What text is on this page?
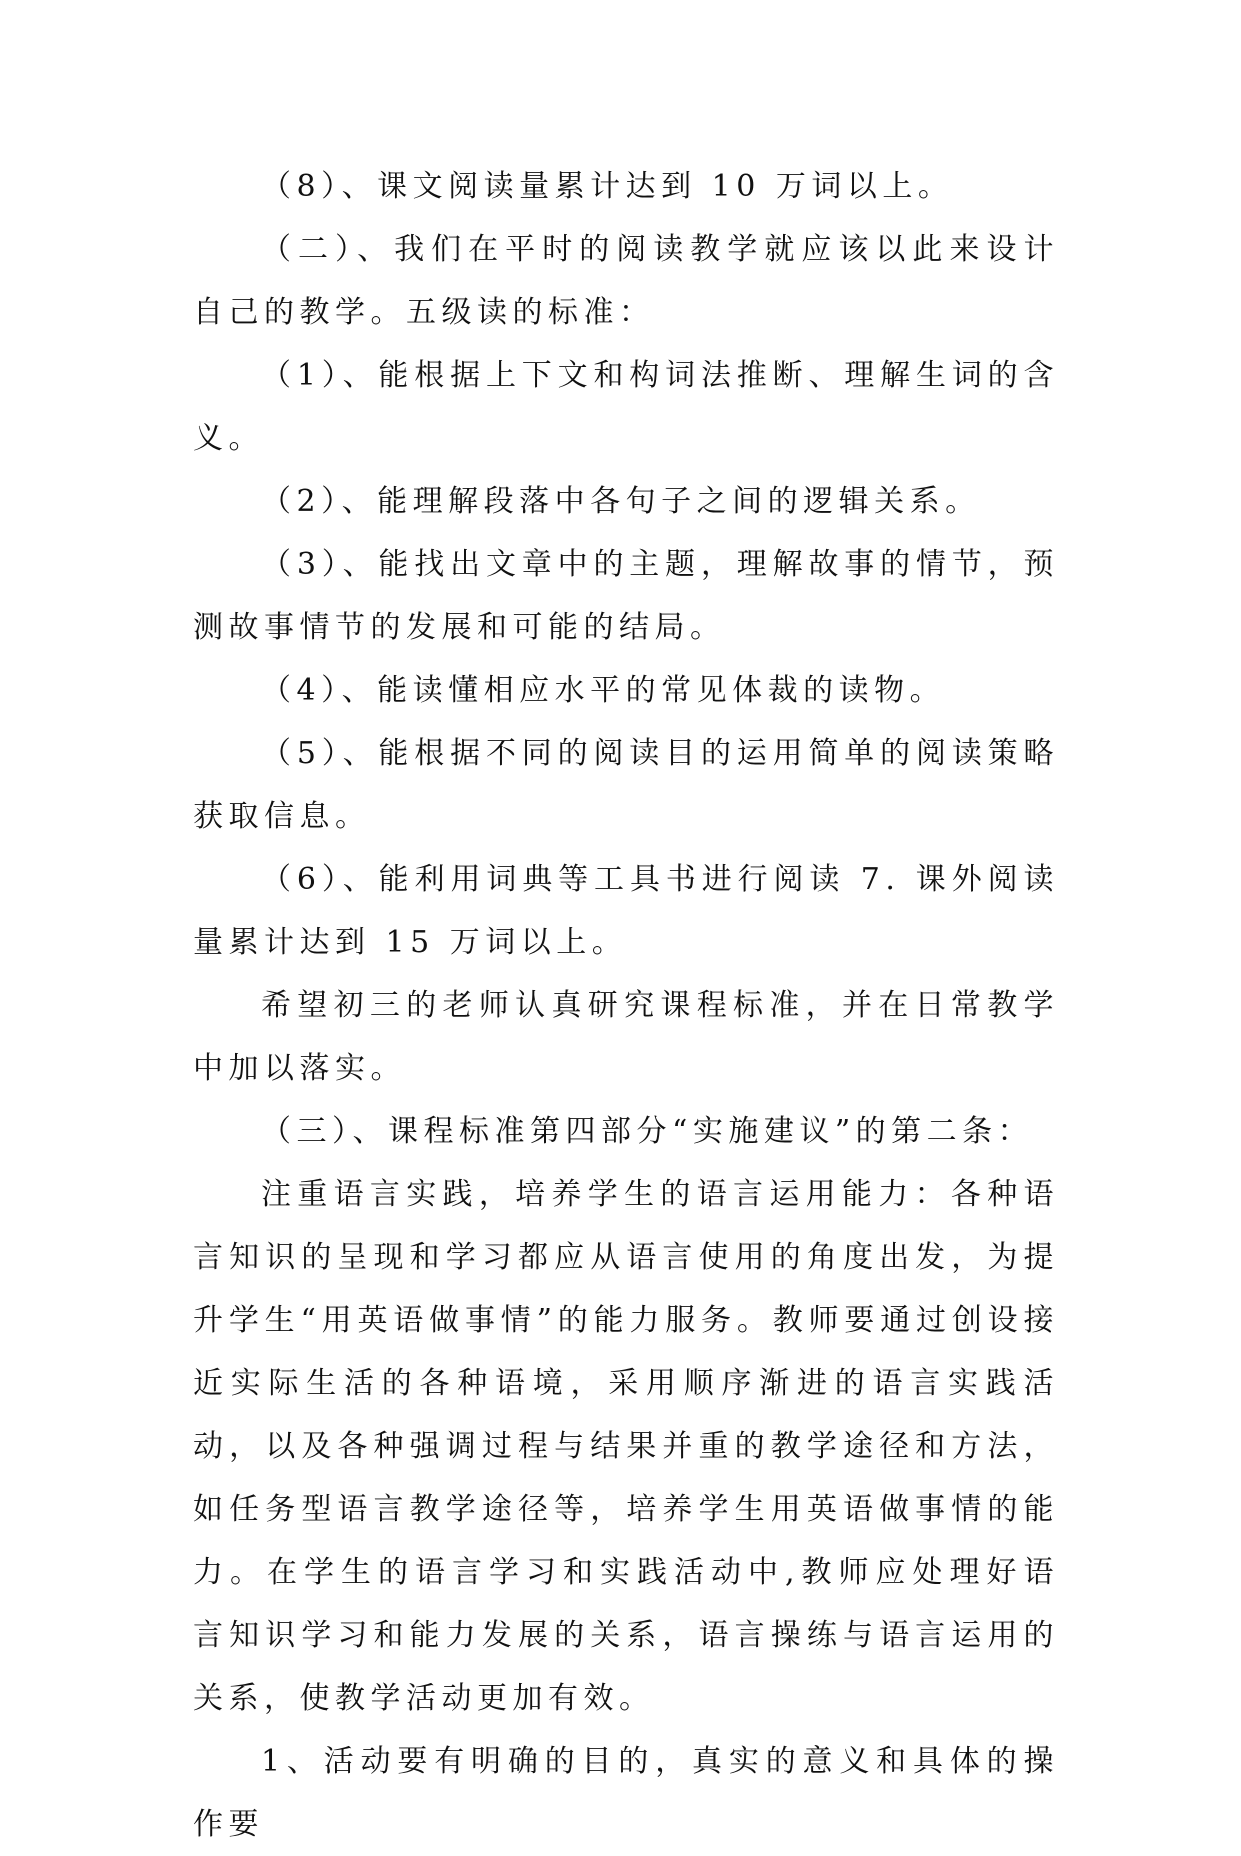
（8）、课文阅读量累计达到 10 万词以上。

（二）、我们在平时的阅读教学就应该以此来设计自己的教学。五级读的标准：

（1）、能根据上下文和构词法推断、理解生词的含义。

（2）、能理解段落中各句子之间的逻辑关系。

（3）、能找出文章中的主题，理解故事的情节，预测故事情节的发展和可能的结局。

（4）、能读懂相应水平的常见体裁的读物。

（5）、能根据不同的阅读目的运用简单的阅读策略获取信息。

（6）、能利用词典等工具书进行阅读 7. 课外阅读量累计达到 15 万词以上。

希望初三的老师认真研究课程标准，并在日常教学中加以落实。

（三）、课程标准第四部分“实施建议”的第二条：

注重语言实践，培养学生的语言运用能力：各种语言知识的呈现和学习都应从语言使用的角度出发，为提升学生“用英语做事情”的能力服务。教师要通过创设接近实际生活的各种语境，采用顺序渐进的语言实践活动，以及各种强调过程与结果并重的教学途径和方法，如任务型语言教学途径等，培养学生用英语做事情的能力。在学生的语言学习和实践活动中,教师应处理好语言知识学习和能力发展的关系，语言操练与语言运用的关系，使教学活动更加有效。

1、活动要有明确的目的，真实的意义和具体的操作要
